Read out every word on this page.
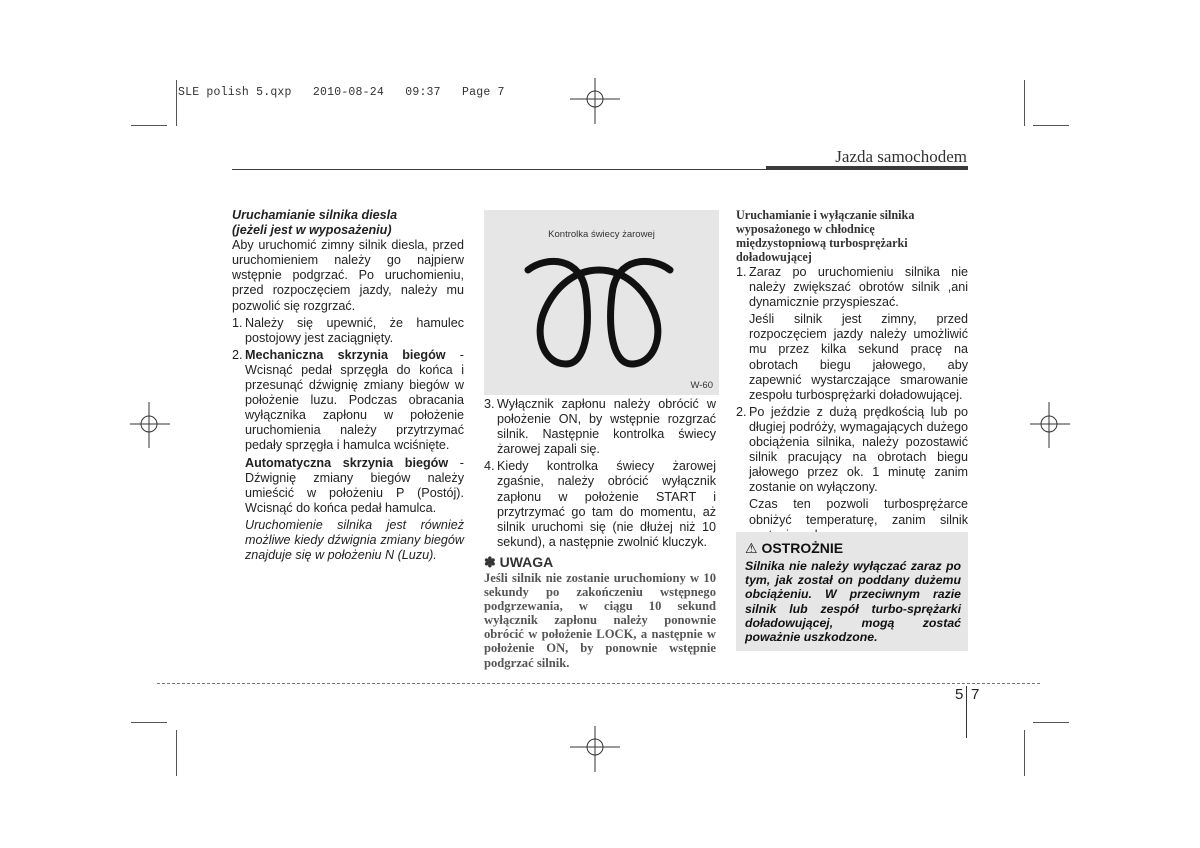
SLE polish 5.qxp   2010-08-24   09:37   Page 7
Jazda samochodem

Uruchamianie silnika diesla

(jeżeli jest w wyposażeniu)

Aby uruchomić zimny silnik diesla, przed uruchomieniem należy go najpierw wstępnie podgrzać. Po uruchomieniu, przed rozpoczęciem jazdy, należy mu pozwolić się rozgrzać.

1. Należy się upewnić, że hamulec postojowy jest zaciągnięty.
2. Mechaniczna skrzynia biegów - Wcisnąć pedał sprzęgła do końca i przesunąć dźwignię zmiany biegów w położenie luzu. Podczas obracania wyłącznika zapłonu w położenie uruchomienia należy przytrzymać pedały sprzęgła i hamulca wciśnięte.

Automatyczna skrzynia biegów - Dźwignię zmiany biegów należy umieścić w położeniu P (Postój). Wcisnąć do końca pedał hamulca.

Uruchomienie silnika jest również możliwe kiedy dźwignia zmiany biegów znajduje się w położeniu N (Luzu).

Kontrolka świecy żarowej
W-60
3. Wyłącznik zapłonu należy obrócić w położenie ON, by wstępnie rozgrzać silnik. Następnie kontrolka świecy żarowej zapali się.
4. Kiedy kontrolka świecy żarowej zgaśnie, należy obrócić wyłącznik zapłonu w położenie START i przytrzymać go tam do momentu, aż silnik uruchomi się (nie dłużej niż 10 sekund), a następnie zwolnić kluczyk.
✽ UWAGA
Jeśli silnik nie zostanie uruchomiony w 10 sekundy po zakończeniu wstępnego podgrzewania, w ciągu 10 sekund wyłącznik zapłonu należy ponownie obrócić w położenie LOCK, a następnie w położenie ON, by ponownie wstępnie podgrzać silnik.
Uruchamianie i wyłączanie silnika wyposażonego w chłodnicę międzystopniową turbosprężarki doładowującej
1. Zaraz po uruchomieniu silnika nie należy zwiększać obrotów silnik ,ani dynamicznie przyspieszać.

Jeśli silnik jest zimny, przed rozpoczęciem jazdy należy umożliwić mu przez kilka sekund pracę na obrotach biegu jałowego, aby zapewnić wystarczające smarowanie zespołu turbosprężarki doładowującej.

2. Po jeździe z dużą prędkością lub po długiej podróży, wymagających dużego obciążenia silnika, należy pozostawić silnik pracujący na obrotach biegu jałowego przez ok. 1 minutę zanim zostanie on wyłączony.

Czas ten pozwoli turbosprężarce obniżyć temperaturę, zanim silnik

⚠ OSTROŻNIE
Silnika nie należy wyłączać zaraz po tym, jak został on poddany dużemu obciążeniu. W przeciwnym razie silnik lub zespół turbo-sprężarki doładowującej, mogą zostać poważnie uszkodzone.
5 7
